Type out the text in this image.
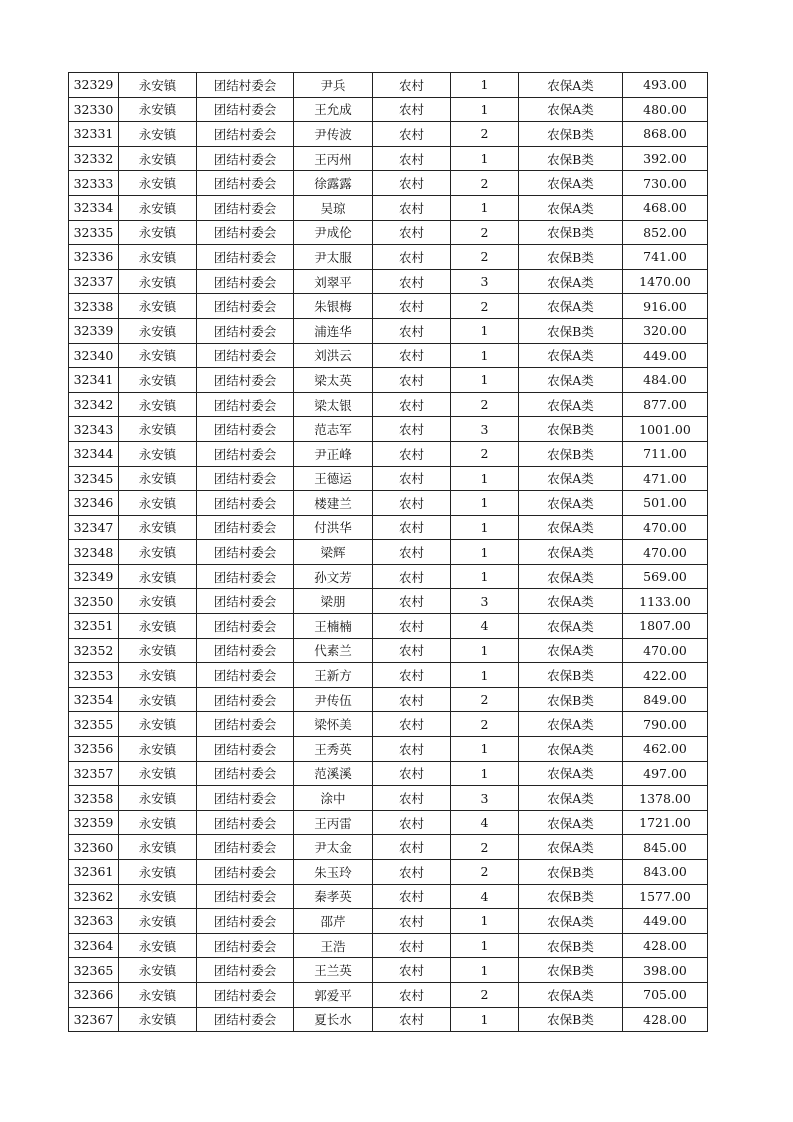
32329	永安镇	团结村委会	尹兵	农村	1	农保A类	493.00
32330	永安镇	团结村委会	王允成	农村	1	农保A类	480.00
32331	永安镇	团结村委会	尹传波	农村	2	农保B类	868.00
32332	永安镇	团结村委会	王丙州	农村	1	农保B类	392.00
32333	永安镇	团结村委会	徐露露	农村	2	农保A类	730.00
32334	永安镇	团结村委会	吴琼	农村	1	农保A类	468.00
32335	永安镇	团结村委会	尹成伦	农村	2	农保B类	852.00
32336	永安镇	团结村委会	尹太服	农村	2	农保B类	741.00
32337	永安镇	团结村委会	刘翠平	农村	3	农保A类	1470.00
32338	永安镇	团结村委会	朱银梅	农村	2	农保A类	916.00
32339	永安镇	团结村委会	浦连华	农村	1	农保B类	320.00
32340	永安镇	团结村委会	刘洪云	农村	1	农保A类	449.00
32341	永安镇	团结村委会	梁太英	农村	1	农保A类	484.00
32342	永安镇	团结村委会	梁太银	农村	2	农保A类	877.00
32343	永安镇	团结村委会	范志军	农村	3	农保B类	1001.00
32344	永安镇	团结村委会	尹正峰	农村	2	农保B类	711.00
32345	永安镇	团结村委会	王德运	农村	1	农保A类	471.00
32346	永安镇	团结村委会	楼建兰	农村	1	农保A类	501.00
32347	永安镇	团结村委会	付洪华	农村	1	农保A类	470.00
32348	永安镇	团结村委会	梁辉	农村	1	农保A类	470.00
32349	永安镇	团结村委会	孙文芳	农村	1	农保A类	569.00
32350	永安镇	团结村委会	梁朋	农村	3	农保A类	1133.00
32351	永安镇	团结村委会	王楠楠	农村	4	农保A类	1807.00
32352	永安镇	团结村委会	代素兰	农村	1	农保A类	470.00
32353	永安镇	团结村委会	王新方	农村	1	农保B类	422.00
32354	永安镇	团结村委会	尹传伍	农村	2	农保B类	849.00
32355	永安镇	团结村委会	梁怀美	农村	2	农保A类	790.00
32356	永安镇	团结村委会	王秀英	农村	1	农保A类	462.00
32357	永安镇	团结村委会	范溪溪	农村	1	农保A类	497.00
32358	永安镇	团结村委会	涂中	农村	3	农保A类	1378.00
32359	永安镇	团结村委会	王丙雷	农村	4	农保A类	1721.00
32360	永安镇	团结村委会	尹太金	农村	2	农保A类	845.00
32361	永安镇	团结村委会	朱玉玲	农村	2	农保B类	843.00
32362	永安镇	团结村委会	秦孝英	农村	4	农保B类	1577.00
32363	永安镇	团结村委会	邵芹	农村	1	农保A类	449.00
32364	永安镇	团结村委会	王浩	农村	1	农保B类	428.00
32365	永安镇	团结村委会	王兰英	农村	1	农保B类	398.00
32366	永安镇	团结村委会	郭爱平	农村	2	农保A类	705.00
32367	永安镇	团结村委会	夏长水	农村	1	农保B类	428.00
